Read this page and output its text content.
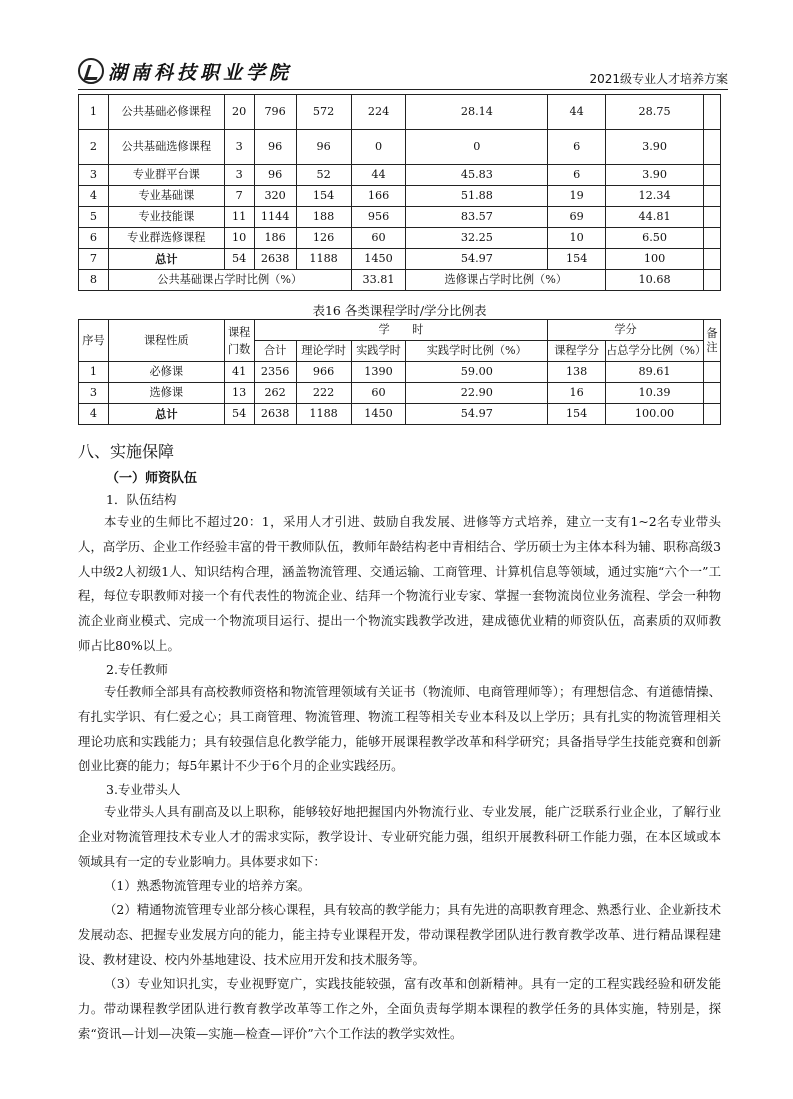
湖南科技职业学院	2021级专业人才培养方案
1	公共基础必修课程	20	796	572	224	28.14	44	28.75	
2	公共基础选修课程	3	96	96	0	0	6	3.90	
3	专业群平台课	3	96	52	44	45.83	6	3.90	
4	专业基础课	7	320	154	166	51.88	19	12.34	
5	专业技能课	11	1144	188	956	83.57	69	44.81	
6	专业群选修课程	10	186	126	60	32.25	10	6.50	
7	总计	54	2638	1188	1450	54.97	154	100	
8	公共基础课占学时比例（%）				33.81	选修课占学时比例（%）		10.68	
表16 各类课程学时/学分比例表
序号	课程性质	课程门数	学　　时				学分		备注
			合计	理论学时	实践学时	实践学时比例（%）	课程学分	占总学分比例（%）	
1	必修课	41	2356	966	1390	59.00	138	89.61	
3	选修课	13	262	222	60	22.90	16	10.39	
4	总计	54	2638	1188	1450	54.97	154	100.00	
八、实施保障
（一）师资队伍
1．队伍结构
本专业的生师比不超过20：1，采用人才引进、鼓励自我发展、进修等方式培养，建立一支有1~2名专业带头人，高学历、企业工作经验丰富的骨干教师队伍，教师年龄结构老中青相结合、学历硕士为主体本科为辅、职称高级3人中级2人初级1人、知识结构合理，涵盖物流管理、交通运输、工商管理、计算机信息等领域，通过实施“六个一”工程，每位专职教师对接一个有代表性的物流企业、结拜一个物流行业专家、掌握一套物流岗位业务流程、学会一种物流企业商业模式、完成一个物流项目运行、提出一个物流实践教学改进，建成德优业精的师资队伍，高素质的双师教师占比80%以上。
2.专任教师
专任教师全部具有高校教师资格和物流管理领域有关证书（物流师、电商管理师等）；有理想信念、有道德情操、有扎实学识、有仁爱之心；具工商管理、物流管理、物流工程等相关专业本科及以上学历；具有扎实的物流管理相关理论功底和实践能力；具有较强信息化教学能力，能够开展课程教学改革和科学研究；具备指导学生技能竞赛和创新创业比赛的能力；每5年累计不少于6个月的企业实践经历。
3.专业带头人
专业带头人具有副高及以上职称，能够较好地把握国内外物流行业、专业发展，能广泛联系行业企业，了解行业企业对物流管理技术专业人才的需求实际，教学设计、专业研究能力强，组织开展教科研工作能力强，在本区域或本领域具有一定的专业影响力。具体要求如下：
（1）熟悉物流管理专业的培养方案。
（2）精通物流管理专业部分核心课程，具有较高的教学能力；具有先进的高职教育理念、熟悉行业、企业新技术发展动态、把握专业发展方向的能力，能主持专业课程开发，带动课程教学团队进行教育教学改革、进行精品课程建设、教材建设、校内外基地建设、技术应用开发和技术服务等。
（3）专业知识扎实，专业视野宽广，实践技能较强，富有改革和创新精神。具有一定的工程实践经验和研发能力。带动课程教学团队进行教育教学改革等工作之外，全面负责每学期本课程的教学任务的具体实施，特别是，探索“资讯—计划—决策—实施—检查—评价”六个工作法的教学实效性。
